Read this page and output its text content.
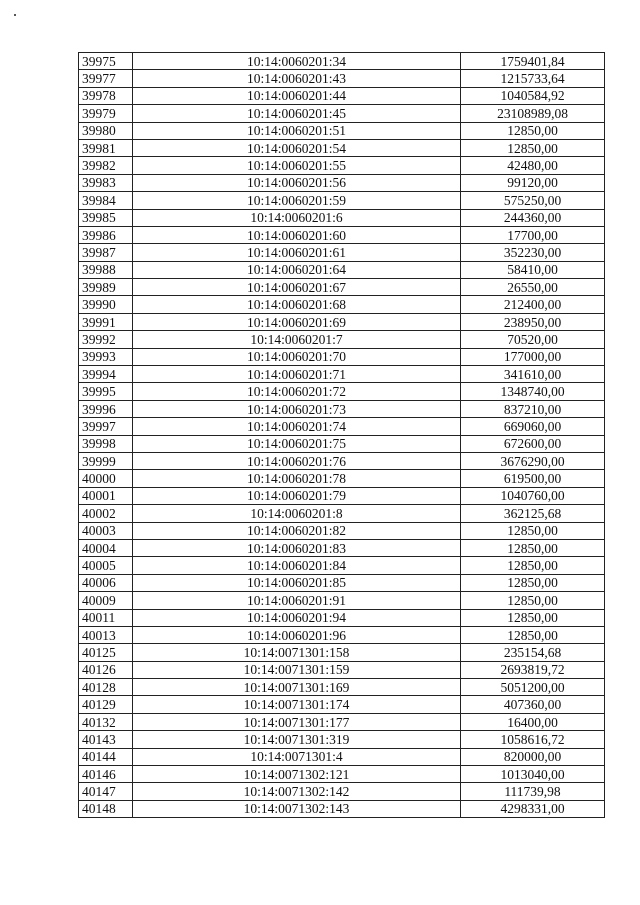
39975	10:14:0060201:34	1759401,84
39977	10:14:0060201:43	1215733,64
39978	10:14:0060201:44	1040584,92
39979	10:14:0060201:45	23108989,08
39980	10:14:0060201:51	12850,00
39981	10:14:0060201:54	12850,00
39982	10:14:0060201:55	42480,00
39983	10:14:0060201:56	99120,00
39984	10:14:0060201:59	575250,00
39985	10:14:0060201:6	244360,00
39986	10:14:0060201:60	17700,00
39987	10:14:0060201:61	352230,00
39988	10:14:0060201:64	58410,00
39989	10:14:0060201:67	26550,00
39990	10:14:0060201:68	212400,00
39991	10:14:0060201:69	238950,00
39992	10:14:0060201:7	70520,00
39993	10:14:0060201:70	177000,00
39994	10:14:0060201:71	341610,00
39995	10:14:0060201:72	1348740,00
39996	10:14:0060201:73	837210,00
39997	10:14:0060201:74	669060,00
39998	10:14:0060201:75	672600,00
39999	10:14:0060201:76	3676290,00
40000	10:14:0060201:78	619500,00
40001	10:14:0060201:79	1040760,00
40002	10:14:0060201:8	362125,68
40003	10:14:0060201:82	12850,00
40004	10:14:0060201:83	12850,00
40005	10:14:0060201:84	12850,00
40006	10:14:0060201:85	12850,00
40009	10:14:0060201:91	12850,00
40011	10:14:0060201:94	12850,00
40013	10:14:0060201:96	12850,00
40125	10:14:0071301:158	235154,68
40126	10:14:0071301:159	2693819,72
40128	10:14:0071301:169	5051200,00
40129	10:14:0071301:174	407360,00
40132	10:14:0071301:177	16400,00
40143	10:14:0071301:319	1058616,72
40144	10:14:0071301:4	820000,00
40146	10:14:0071302:121	1013040,00
40147	10:14:0071302:142	111739,98
40148	10:14:0071302:143	4298331,00
